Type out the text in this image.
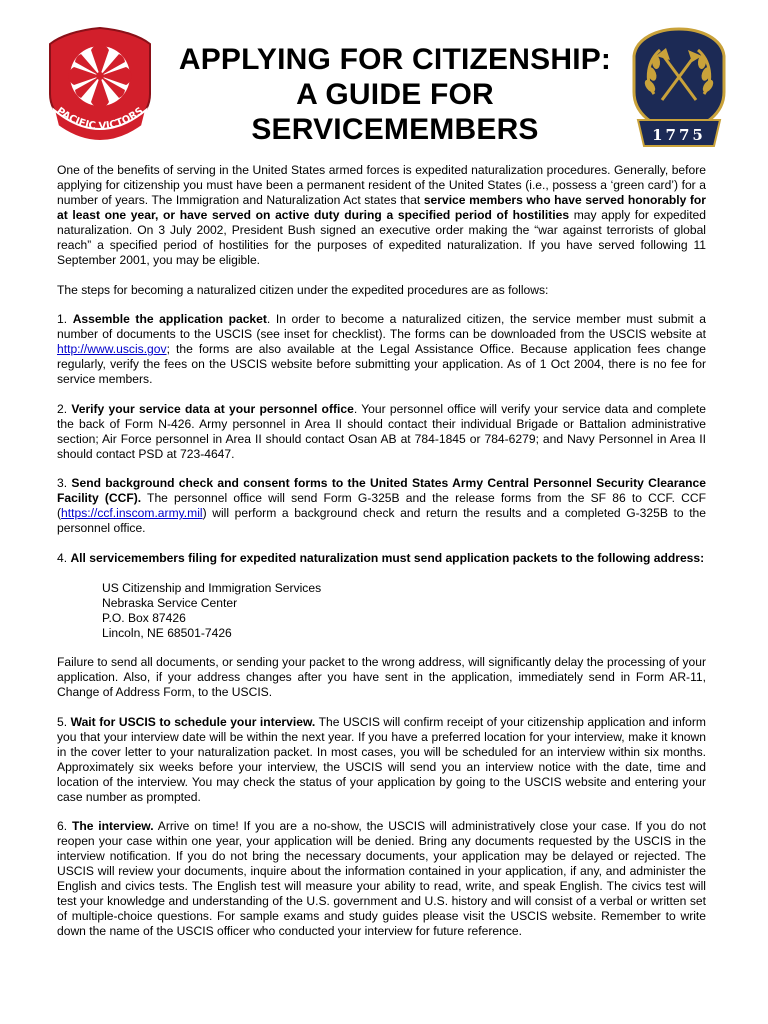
PACIFIC VICTORS
APPLYING FOR CITIZENSHIP:
A GUIDE FOR
SERVICEMEMBERS	1775

One of the benefits of serving in the United States armed forces is expedited naturalization procedures. Generally, before applying for citizenship you must have been a permanent resident of the United States (i.e., possess a ‘green card’) for a number of years. The Immigration and Naturalization Act states that service members who have served honorably for at least one year, or have served on active duty during a specified period of hostilities may apply for expedited naturalization. On 3 July 2002, President Bush signed an executive order making the “war against terrorists of global reach” a specified period of hostilities for the purposes of expedited naturalization. If you have served following 11 September 2001, you may be eligible.

The steps for becoming a naturalized citizen under the expedited procedures are as follows:

1. Assemble the application packet. In order to become a naturalized citizen, the service member must submit a number of documents to the USCIS (see inset for checklist). The forms can be downloaded from the USCIS website at http://www.uscis.gov; the forms are also available at the Legal Assistance Office. Because application fees change regularly, verify the fees on the USCIS website before submitting your application. As of 1 Oct 2004, there is no fee for service members.

2. Verify your service data at your personnel office. Your personnel office will verify your service data and complete the back of Form N-426. Army personnel in Area II should contact their individual Brigade or Battalion administrative section; Air Force personnel in Area II should contact Osan AB at 784-1845 or 784-6279; and Navy Personnel in Area II should contact PSD at 723-4647.

3. Send background check and consent forms to the United States Army Central Personnel Security Clearance Facility (CCF). The personnel office will send Form G-325B and the release forms from the SF 86 to CCF. CCF (https://ccf.inscom.army.mil) will perform a background check and return the results and a completed G-325B to the personnel office.

4. All servicemembers filing for expedited naturalization must send application packets to the following address:

US Citizenship and Immigration Services
Nebraska Service Center
P.O. Box 87426
Lincoln, NE 68501-7426

Failure to send all documents, or sending your packet to the wrong address, will significantly delay the processing of your application. Also, if your address changes after you have sent in the application, immediately send in Form AR-11, Change of Address Form, to the USCIS.

5. Wait for USCIS to schedule your interview. The USCIS will confirm receipt of your citizenship application and inform you that your interview date will be within the next year. If you have a preferred location for your interview, make it known in the cover letter to your naturalization packet. In most cases, you will be scheduled for an interview within six months. Approximately six weeks before your interview, the USCIS will send you an interview notice with the date, time and location of the interview. You may check the status of your application by going to the USCIS website and entering your case number as prompted.

6. The interview. Arrive on time! If you are a no-show, the USCIS will administratively close your case. If you do not reopen your case within one year, your application will be denied. Bring any documents requested by the USCIS in the interview notification. If you do not bring the necessary documents, your application may be delayed or rejected. The USCIS will review your documents, inquire about the information contained in your application, if any, and administer the English and civics tests. The English test will measure your ability to read, write, and speak English. The civics test will test your knowledge and understanding of the U.S. government and U.S. history and will consist of a verbal or written set of multiple-choice questions. For sample exams and study guides please visit the USCIS website. Remember to write down the name of the USCIS officer who conducted your interview for future reference.
